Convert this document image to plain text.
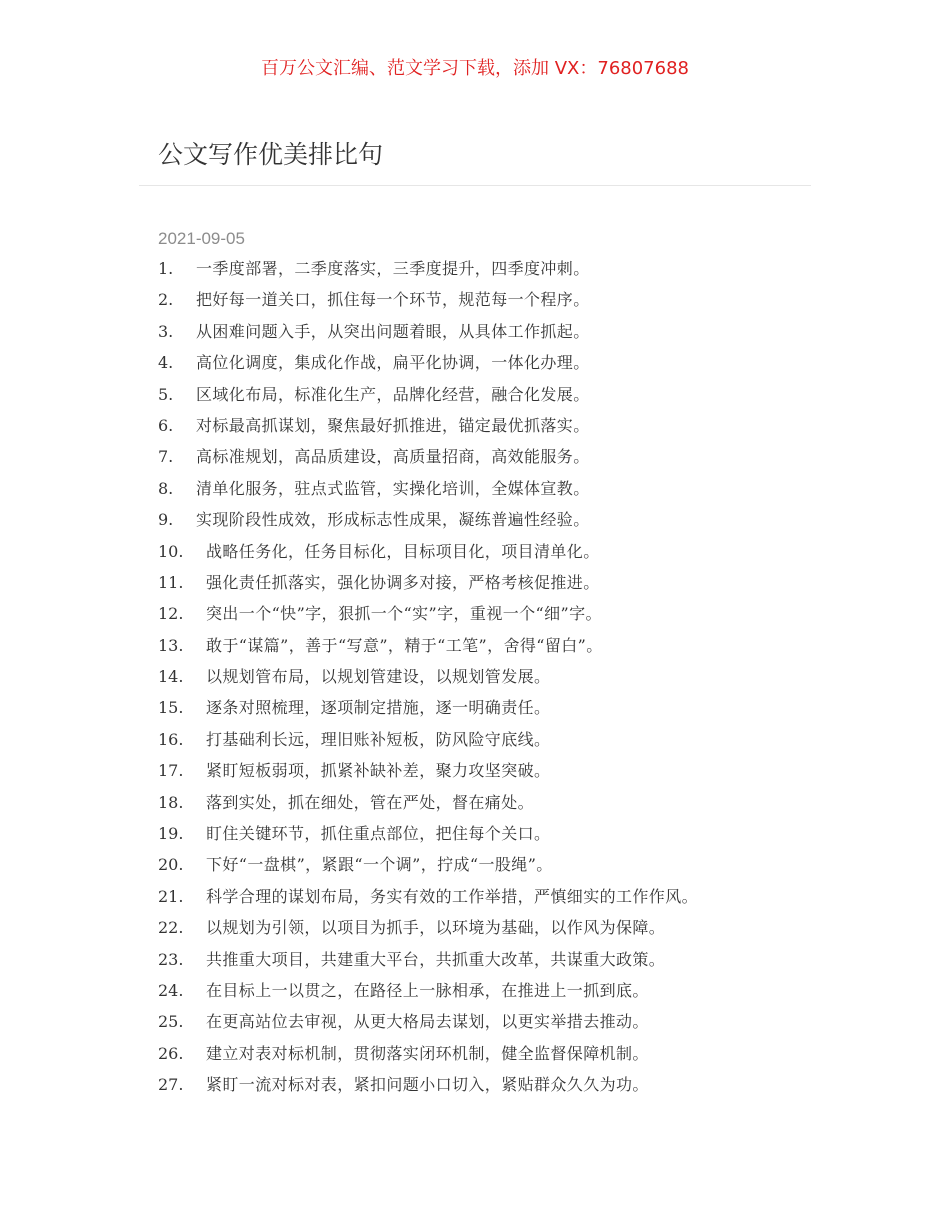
百万公文汇编、范文学习下载，添加 VX：76807688
公文写作优美排比句
2021-09-05
1.	一季度部署，二季度落实，三季度提升，四季度冲刺。
2.	把好每一道关口，抓住每一个环节，规范每一个程序。
3.	从困难问题入手，从突出问题着眼，从具体工作抓起。
4.	高位化调度，集成化作战，扁平化协调，一体化办理。
5.	区域化布局，标准化生产，品牌化经营，融合化发展。
6.	对标最高抓谋划，聚焦最好抓推进，锚定最优抓落实。
7.	高标准规划，高品质建设，高质量招商，高效能服务。
8.	清单化服务，驻点式监管，实操化培训，全媒体宣教。
9.	实现阶段性成效，形成标志性成果，凝练普遍性经验。
10.	战略任务化，任务目标化，目标项目化，项目清单化。
11.	强化责任抓落实，强化协调多对接，严格考核促推进。
12.	突出一个“快”字，狠抓一个“实”字，重视一个“细”字。
13.	敢于“谋篇”，善于“写意”，精于“工笔”，舍得“留白”。
14.	以规划管布局，以规划管建设，以规划管发展。
15.	逐条对照梳理，逐项制定措施，逐一明确责任。
16.	打基础利长远，理旧账补短板，防风险守底线。
17.	紧盯短板弱项，抓紧补缺补差，聚力攻坚突破。
18.	落到实处，抓在细处，管在严处，督在痛处。
19.	盯住关键环节，抓住重点部位，把住每个关口。
20.	下好“一盘棋”，紧跟“一个调”，拧成“一股绳”。
21.	科学合理的谋划布局，务实有效的工作举措，严慎细实的工作作风。
22.	以规划为引领，以项目为抓手，以环境为基础，以作风为保障。
23.	共推重大项目，共建重大平台，共抓重大改革，共谋重大政策。
24.	在目标上一以贯之，在路径上一脉相承，在推进上一抓到底。
25.	在更高站位去审视，从更大格局去谋划，以更实举措去推动。
26.	建立对表对标机制，贯彻落实闭环机制，健全监督保障机制。
27.	紧盯一流对标对表，紧扣问题小口切入，紧贴群众久久为功。
